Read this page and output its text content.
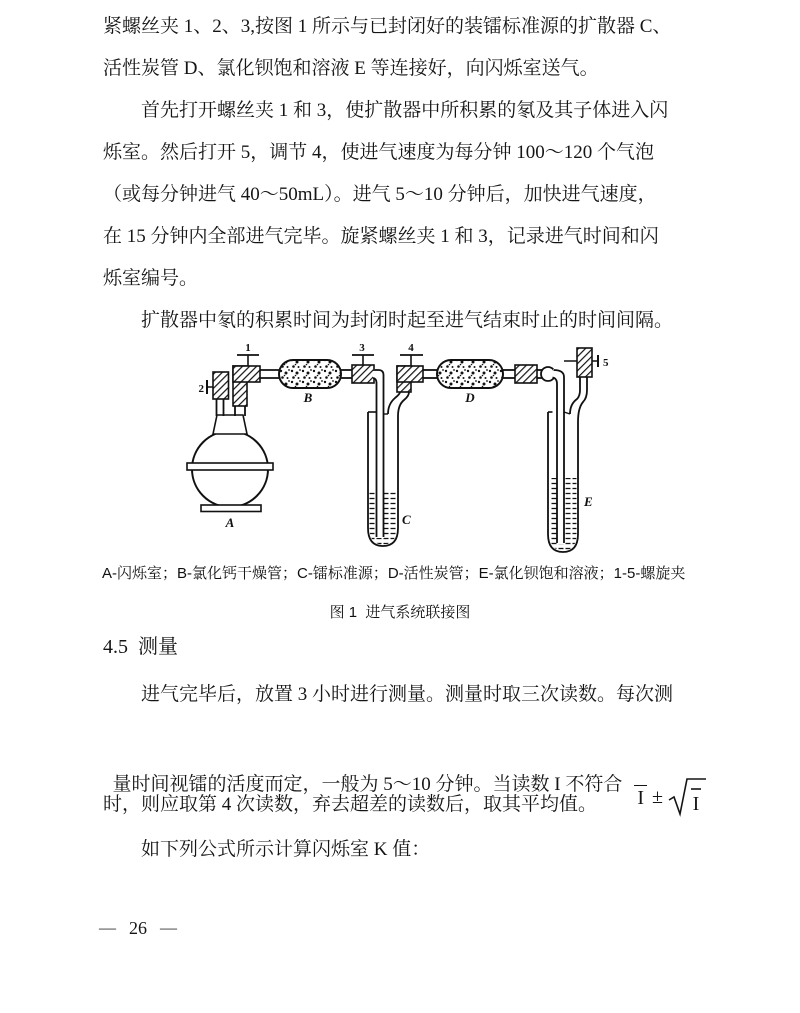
紧螺丝夹 1、2、3,按图 1 所示与已封闭好的装镭标准源的扩散器 C、
活性炭管 D、氯化钡饱和溶液 E 等连接好，向闪烁室送气。
首先打开螺丝夹 1 和 3，使扩散器中所积累的氡及其子体进入闪
烁室。然后打开 5，调节 4，使进气速度为每分钟 100～120 个气泡
（或每分钟进气 40～50mL）。进气 5～10 分钟后，加快进气速度，
在 15 分钟内全部进气完毕。旋紧螺丝夹 1 和 3，记录进气时间和闪
烁室编号。
扩散器中氡的积累时间为封闭时起至进气结束时止的时间间隔。
A
2
1
B
3
C
4
D
E
5
A-闪烁室；B-氯化钙干燥管；C-镭标准源；D-活性炭管；E-氯化钡饱和溶液；1-5-螺旋夹
图 1  进气系统联接图
4.5  测量
进气完毕后，放置 3 小时进行测量。测量时取三次读数。每次测

量时间视镭的活度而定，一般为 5～10 分钟。当读数 I 不符合
I ± I

时，则应取第 4 次读数，弃去超差的读数后，取其平均值。
如下列公式所示计算闪烁室 K 值：
— 26 —
